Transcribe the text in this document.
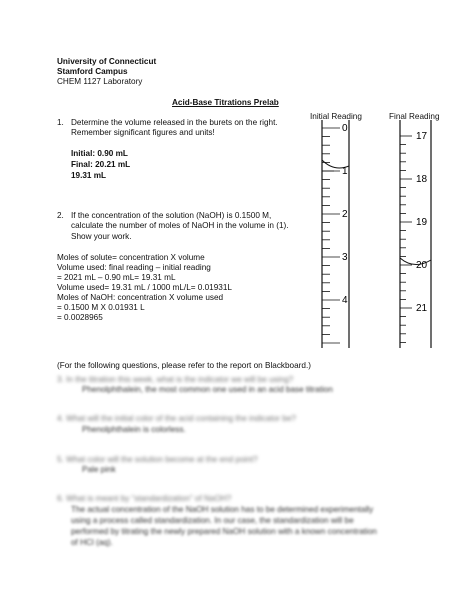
University of Connecticut
Stamford Campus
CHEM 1127 Laboratory
Acid-Base Titrations Prelab
1. Determine the volume released in the burets on the right.
Remember significant figures and units!
Initial: 0.90 mL
Final: 20.21 mL
19.31 mL
2. If the concentration of the solution (NaOH) is 0.1500 M,
calculate the number of moles of NaOH in the volume in (1).
Show your work.
Moles of solute= concentration X volume
Volume used: final reading – initial reading
= 2021 mL – 0.90 mL= 19.31 mL
Volume used= 19.31 mL / 1000 mL/L= 0.01931L
Moles of NaOH: concentration X volume used
= 0.1500 M X 0.01931 L
= 0.0028965
Initial Reading	Final Reading
0
1
2
3
4
17
18
19
20
21
(For the following questions, please refer to the report on Blackboard.)
3. In the titration this week, what is the indicator we will be using?
Phenolphthalein, the most common one used in an acid base titration
4. What will the initial color of the acid containing the indicator be?
Phenolphthalein is colorless.
5. What color will the solution become at the end point?
Pale pink
6. What is meant by “standardization” of NaOH?
The actual concentration of the NaOH solution has to be determined experimentally
using a process called standardization. In our case, the standardization will be
performed by titrating the newly prepared NaOH solution with a known concentration
of HCl (aq).
